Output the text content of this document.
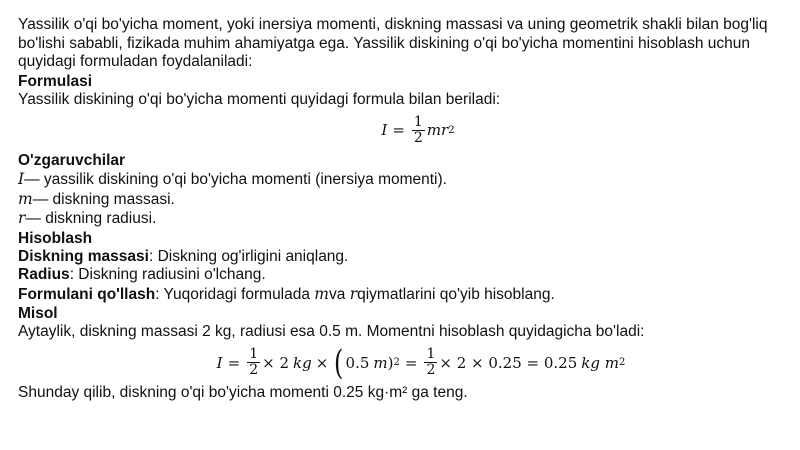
Yassilik o'qi bo'yicha moment, yoki inersiya momenti, diskning massasi va uning geometrik shakli bilan bog'liq
bo'lishi sababli, fizikada muhim ahamiyatga ega. Yassilik diskining o'qi bo'yicha momentini hisoblash uchun
quyidagi formuladan foydalaniladi:
Formulasi
Yassilik diskining o'qi bo'yicha momenti quyidagi formula bilan beriladi:
$I = \frac{1}{2}$ mr 2
O'zgaruvchilar
I— yassilik diskining o'qi bo'yicha momenti (inersiya momenti).
m— diskning massasi.
r— diskning radiusi.
Hisoblash
Diskning massasi: Diskning og'irligini aniqlang.
Radius: Diskning radiusini o'lchang.
Formulani qo'llash: Yuqoridagi formulada mva rqiymatlarini qo'yib hisoblang.
Misol
Aytaylik, diskning massasi 2 kg, radiusi esa 0.5 m. Momentni hisoblash quyidagicha bo'ladi:
$I = \frac{1}{2} \times 2$ kg × ( 0.5 m ) $2 = \frac{1}{2} \times 2 \times 0.25 = 0.25$ kg m 2
Shunday qilib, diskning o'qi bo'yicha momenti 0.25 kg·m² ga teng.
